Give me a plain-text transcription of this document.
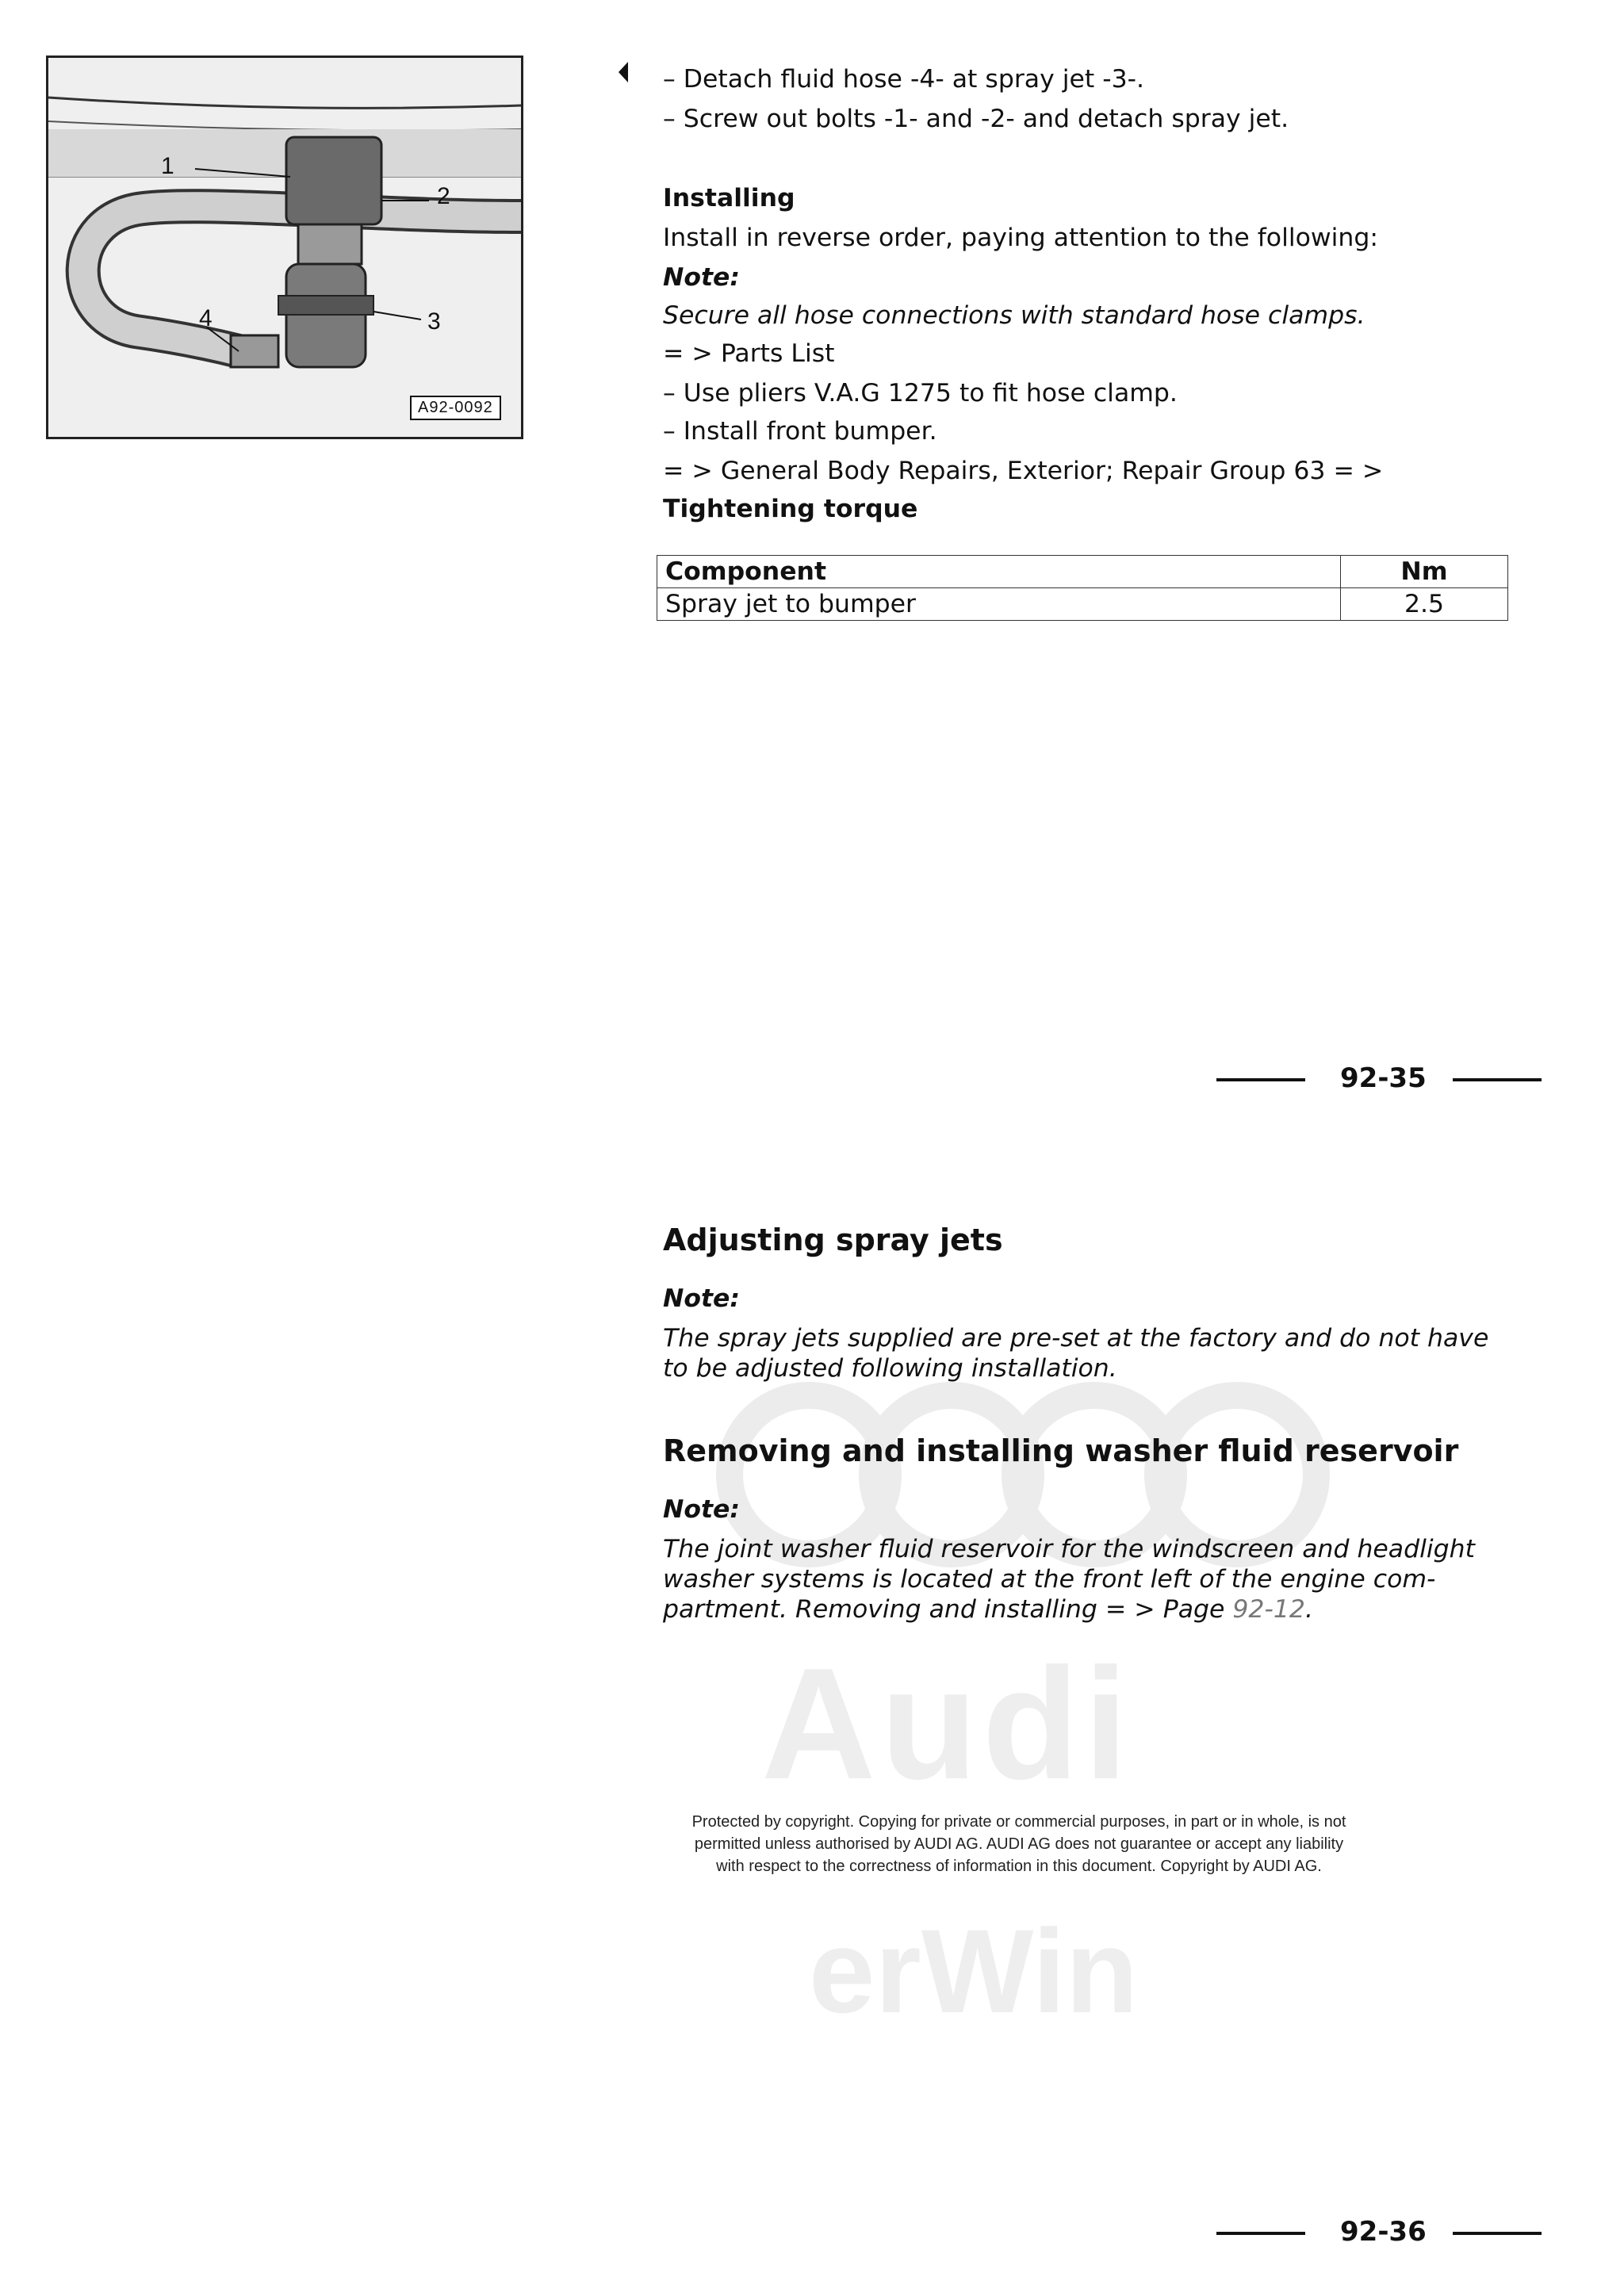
Audi
erWin
1
2
3
4
A92-0092
– Detach fluid hose -4- at spray jet -3-.
– Screw out bolts -1- and -2- and detach spray jet.
Installing
Install in reverse order, paying attention to the following:
Note:
Secure all hose connections with standard hose clamps.
= > Parts List
– Use pliers V.A.G 1275 to fit hose clamp.
– Install front bumper.
= > General Body Repairs, Exterior; Repair Group 63 = >
Tightening torque
Component	Nm
Spray jet to bumper	2.5
92-35
Adjusting spray jets
Note:
The spray jets supplied are pre-set at the factory and do not have
to be adjusted following installation.
Removing and installing washer fluid reservoir
Note:
The joint washer fluid reservoir for the windscreen and headlight
washer systems is located at the front left of the engine com-
partment. Removing and installing = > Page 92-12.
Protected by copyright. Copying for private or commercial purposes, in part or in whole, is not
permitted unless authorised by AUDI AG. AUDI AG does not guarantee or accept any liability
with respect to the correctness of information in this document. Copyright by AUDI AG.
92-36
